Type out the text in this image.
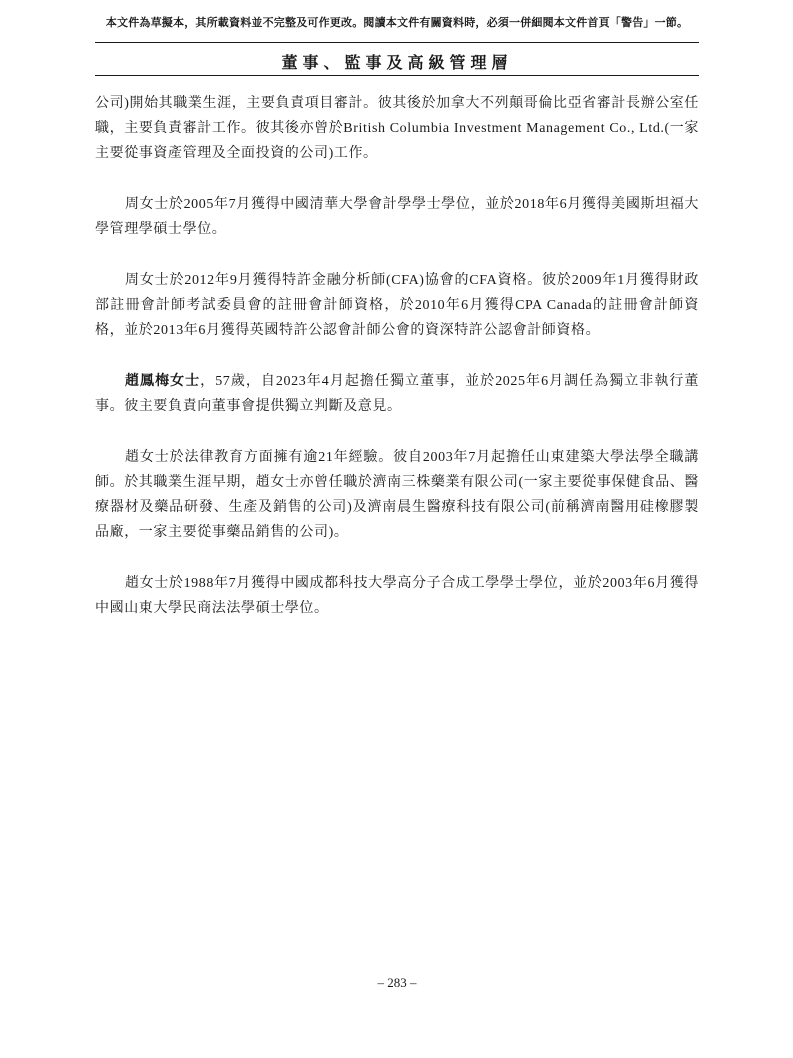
本文件為草擬本，其所載資料並不完整及可作更改。閱讀本文件有關資料時，必須一併細閱本文件首頁「警告」一節。
董事、監事及高級管理層

公司)開始其職業生涯，主要負責項目審計。彼其後於加拿大不列顛哥倫比亞省審計長辦公室任職，主要負責審計工作。彼其後亦曾於British Columbia Investment Management Co., Ltd.(一家主要從事資產管理及全面投資的公司)工作。

周女士於2005年7月獲得中國清華大學會計學學士學位，並於2018年6月獲得美國斯坦福大學管理學碩士學位。

周女士於2012年9月獲得特許金融分析師(CFA)協會的CFA資格。彼於2009年1月獲得財政部註冊會計師考試委員會的註冊會計師資格，於2010年6月獲得CPA Canada的註冊會計師資格，並於2013年6月獲得英國特許公認會計師公會的資深特許公認會計師資格。

趙鳳梅女士，57歲，自2023年4月起擔任獨立董事，並於2025年6月調任為獨立非執行董事。彼主要負責向董事會提供獨立判斷及意見。

趙女士於法律教育方面擁有逾21年經驗。彼自2003年7月起擔任山東建築大學法學全職講師。於其職業生涯早期，趙女士亦曾任職於濟南三株藥業有限公司(一家主要從事保健食品、醫療器材及藥品研發、生產及銷售的公司)及濟南晨生醫療科技有限公司(前稱濟南醫用硅橡膠製品廠，一家主要從事藥品銷售的公司)。

趙女士於1988年7月獲得中國成都科技大學高分子合成工學學士學位，並於2003年6月獲得中國山東大學民商法法學碩士學位。

– 283 –
